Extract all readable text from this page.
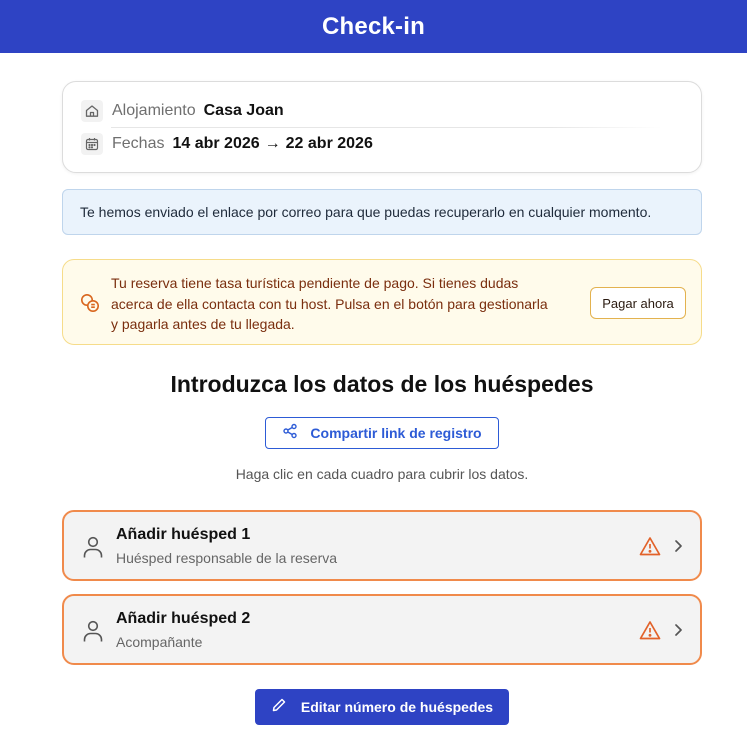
Check-in
Alojamiento Casa Joan
Fechas 14 abr 2026 → 22 abr 2026
Te hemos enviado el enlace por correo para que puedas recuperarlo en cualquier momento.
Tu reserva tiene tasa turística pendiente de pago. Si tienes dudas
acerca de ella contacta con tu host. Pulsa en el botón para gestionarla
y pagarla antes de tu llegada.
Pagar ahora
Introduzca los datos de los huéspedes
Compartir link de registro
Haga clic en cada cuadro para cubrir los datos.
Añadir huésped 1
Huésped responsable de la reserva
Añadir huésped 2
Acompañante
Editar número de huéspedes
